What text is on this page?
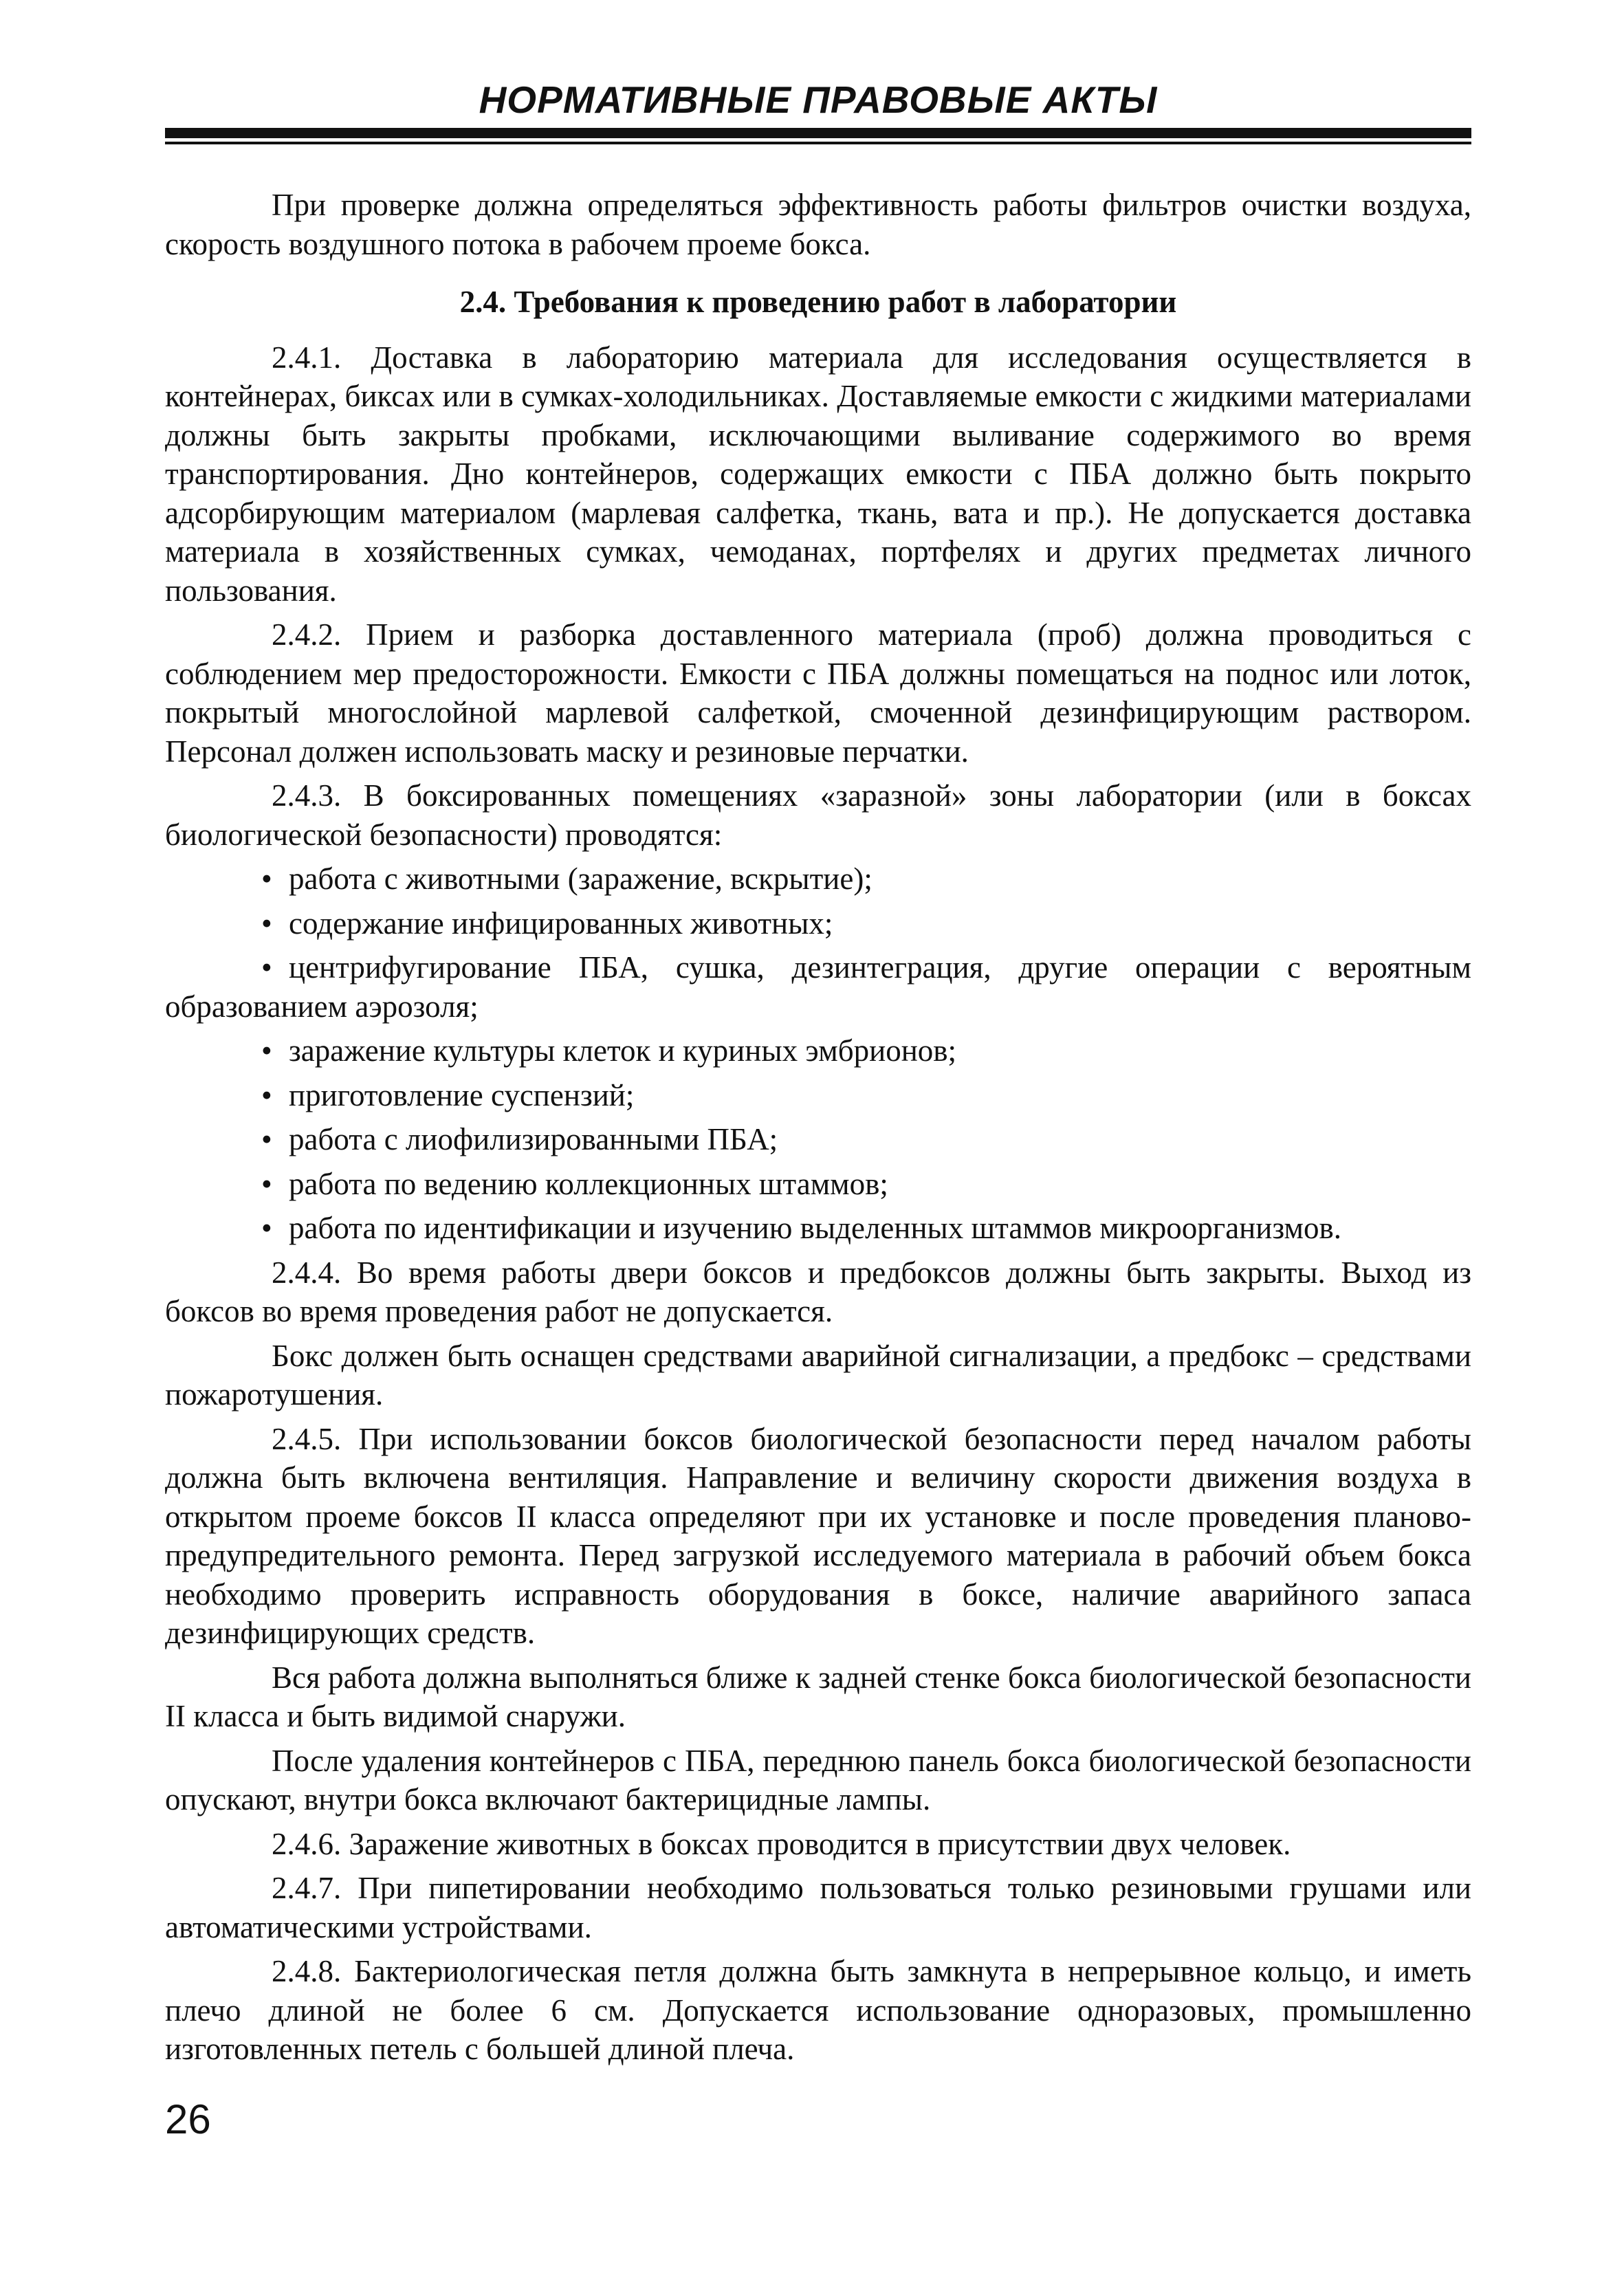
НОРМАТИВНЫЕ ПРАВОВЫЕ АКТЫ

При проверке должна определяться эффективность работы фильтров очистки воздуха, скорость воздушного потока в рабочем проеме бокса.

2.4. Требования к проведению работ в лаборатории

2.4.1. Доставка в лабораторию материала для исследования осуществляется в контейнерах, биксах или в сумках-холодильниках. Доставляемые емкости с жидкими материалами должны быть закрыты пробками, исключающими выливание содержимого во время транспортирования. Дно контейнеров, содержащих емкости с ПБА должно быть покрыто адсорбирующим материалом (марлевая салфетка, ткань, вата и пр.). Не допускается доставка материала в хозяйственных сумках, чемоданах, портфелях и других предметах личного пользования.

2.4.2. Прием и разборка доставленного материала (проб) должна проводиться с соблюдением мер предосторожности. Емкости с ПБА должны помещаться на поднос или лоток, покрытый многослойной марлевой салфеткой, смоченной дезинфицирующим раствором. Персонал должен использовать маску и резиновые перчатки.

2.4.3. В боксированных помещениях «заразной» зоны лаборатории (или в боксах биологической безопасности) проводятся:

• работа с животными (заражение, вскрытие);

• содержание инфицированных животных;

• центрифугирование ПБА, сушка, дезинтеграция, другие операции с вероятным образованием аэрозоля;

• заражение культуры клеток и куриных эмбрионов;

• приготовление суспензий;

• работа с лиофилизированными ПБА;

• работа по ведению коллекционных штаммов;

• работа по идентификации и изучению выделенных штаммов микроорганизмов.

2.4.4. Во время работы двери боксов и предбоксов должны быть закрыты. Выход из боксов во время проведения работ не допускается.

Бокс должен быть оснащен средствами аварийной сигнализации, а предбокс – средствами пожаротушения.

2.4.5. При использовании боксов биологической безопасности перед началом работы должна быть включена вентиляция. Направление и величину скорости движения воздуха в открытом проеме боксов II класса определяют при их установке и после проведения планово-предупредительного ремонта. Перед загрузкой исследуемого материала в рабочий объем бокса необходимо проверить исправность оборудования в боксе, наличие аварийного запаса дезинфицирующих средств.

Вся работа должна выполняться ближе к задней стенке бокса биологической безопасности II класса и быть видимой снаружи.

После удаления контейнеров с ПБА, переднюю панель бокса биологической безопасности опускают, внутри бокса включают бактерицидные лампы.

2.4.6. Заражение животных в боксах проводится в присутствии двух человек.

2.4.7. При пипетировании необходимо пользоваться только резиновыми грушами или автоматическими устройствами.

2.4.8. Бактериологическая петля должна быть замкнута в непрерывное кольцо, и иметь плечо длиной не более 6 см. Допускается использование одноразовых, промышленно изготовленных петель с большей длиной плеча.

26
